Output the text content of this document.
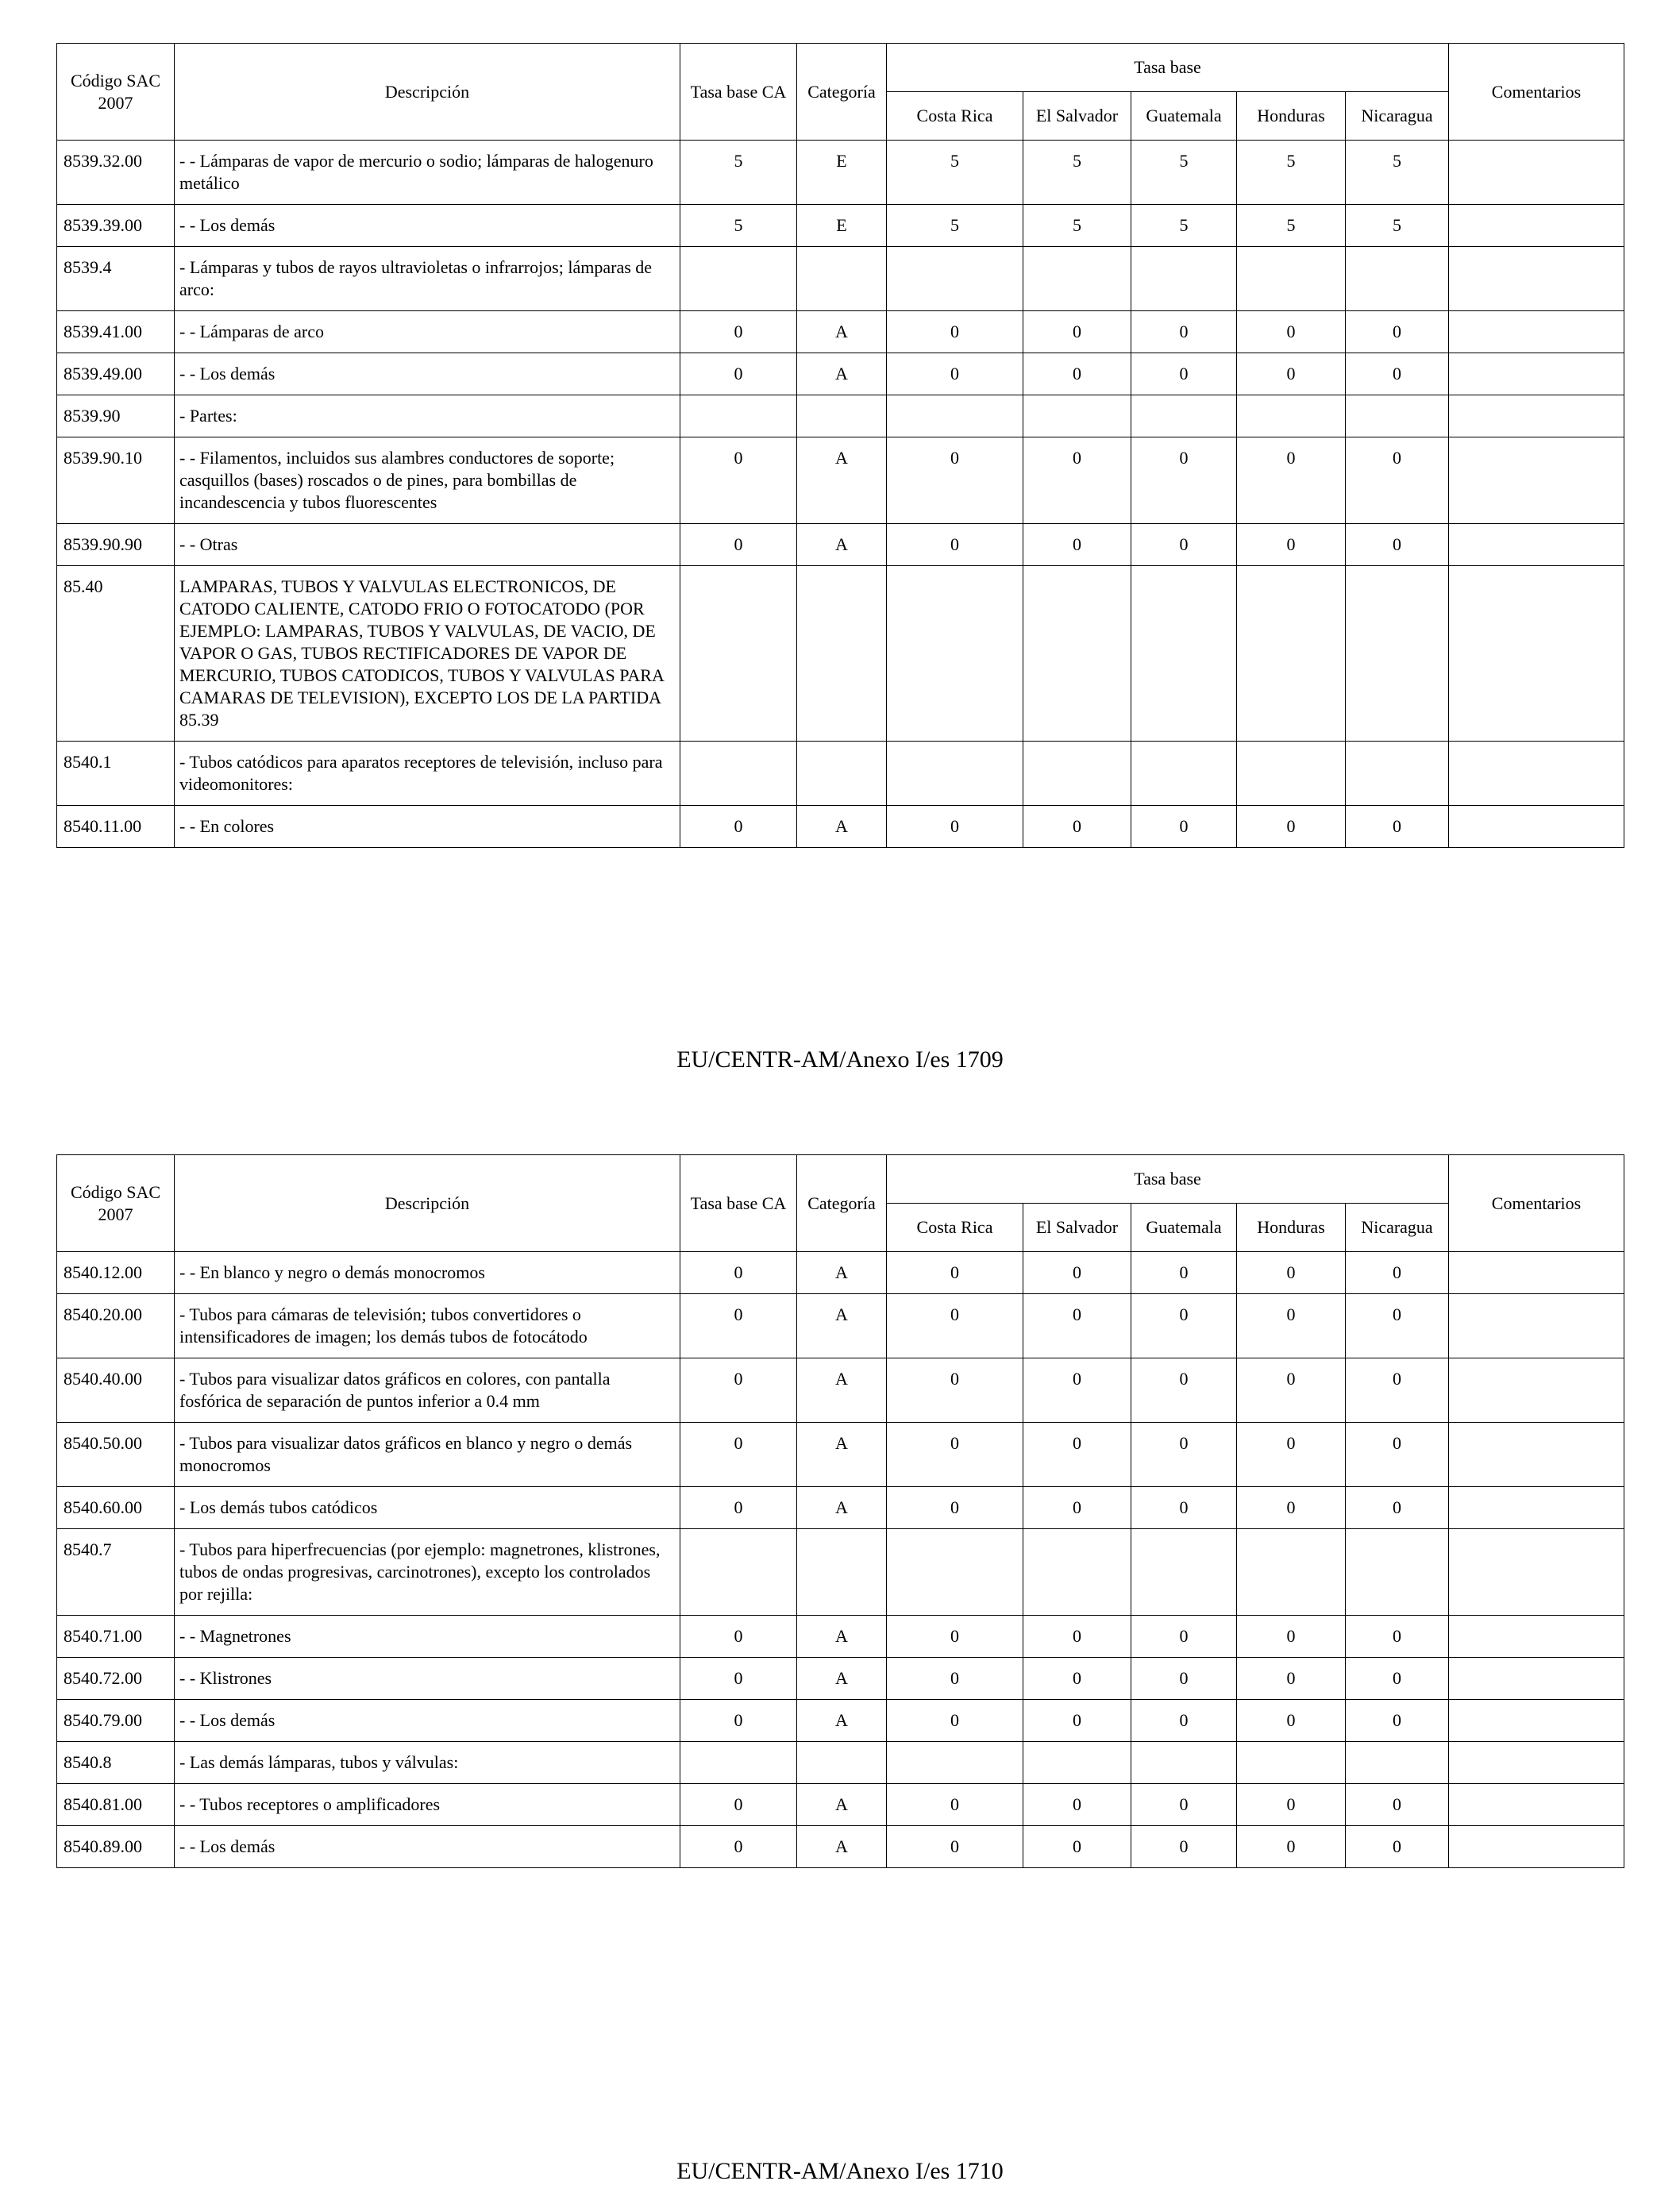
Código SAC 2007	Descripción	Tasa base CA	Categoría	Tasa base					Comentarios
				Costa Rica	El Salvador	Guatemala	Honduras	Nicaragua	
8539.32.00	- - Lámparas de vapor de mercurio o sodio; lámparas de halogenuro metálico	5	E	5	5	5	5	5	
8539.39.00	- - Los demás	5	E	5	5	5	5	5	
8539.4	- Lámparas y tubos de rayos ultravioletas o infrarrojos; lámparas de arco:								
8539.41.00	- - Lámparas de arco	0	A	0	0	0	0	0	
8539.49.00	- - Los demás	0	A	0	0	0	0	0	
8539.90	- Partes:								
8539.90.10	- - Filamentos, incluidos sus alambres conductores de soporte; casquillos (bases) roscados o de pines, para bombillas de incandescencia y tubos fluorescentes	0	A	0	0	0	0	0	
8539.90.90	- - Otras	0	A	0	0	0	0	0	
85.40	LAMPARAS, TUBOS Y VALVULAS ELECTRONICOS, DE CATODO CALIENTE, CATODO FRIO O FOTOCATODO (POR EJEMPLO: LAMPARAS, TUBOS Y VALVULAS, DE VACIO, DE VAPOR O GAS, TUBOS RECTIFICADORES DE VAPOR DE MERCURIO, TUBOS CATODICOS, TUBOS Y VALVULAS PARA CAMARAS DE TELEVISION), EXCEPTO LOS DE LA PARTIDA 85.39								
8540.1	- Tubos catódicos para aparatos receptores de televisión, incluso para videomonitores:								
8540.11.00	- - En colores	0	A	0	0	0	0	0	
EU/CENTR-AM/Anexo I/es 1709
Código SAC 2007	Descripción	Tasa base CA	Categoría	Tasa base					Comentarios
				Costa Rica	El Salvador	Guatemala	Honduras	Nicaragua	
8540.12.00	- - En blanco y negro o demás monocromos	0	A	0	0	0	0	0	
8540.20.00	- Tubos para cámaras de televisión; tubos convertidores o intensificadores de imagen; los demás tubos de fotocátodo	0	A	0	0	0	0	0	
8540.40.00	- Tubos para visualizar datos gráficos en colores, con pantalla fosfórica de separación de puntos inferior a 0.4 mm	0	A	0	0	0	0	0	
8540.50.00	- Tubos para visualizar datos gráficos en blanco y negro o demás monocromos	0	A	0	0	0	0	0	
8540.60.00	- Los demás tubos catódicos	0	A	0	0	0	0	0	
8540.7	- Tubos para hiperfrecuencias (por ejemplo: magnetrones, klistrones, tubos de ondas progresivas, carcinotrones), excepto los controlados por rejilla:								
8540.71.00	- - Magnetrones	0	A	0	0	0	0	0	
8540.72.00	- - Klistrones	0	A	0	0	0	0	0	
8540.79.00	- - Los demás	0	A	0	0	0	0	0	
8540.8	- Las demás lámparas, tubos y válvulas:								
8540.81.00	- - Tubos receptores o amplificadores	0	A	0	0	0	0	0	
8540.89.00	- - Los demás	0	A	0	0	0	0	0	
EU/CENTR-AM/Anexo I/es 1710
